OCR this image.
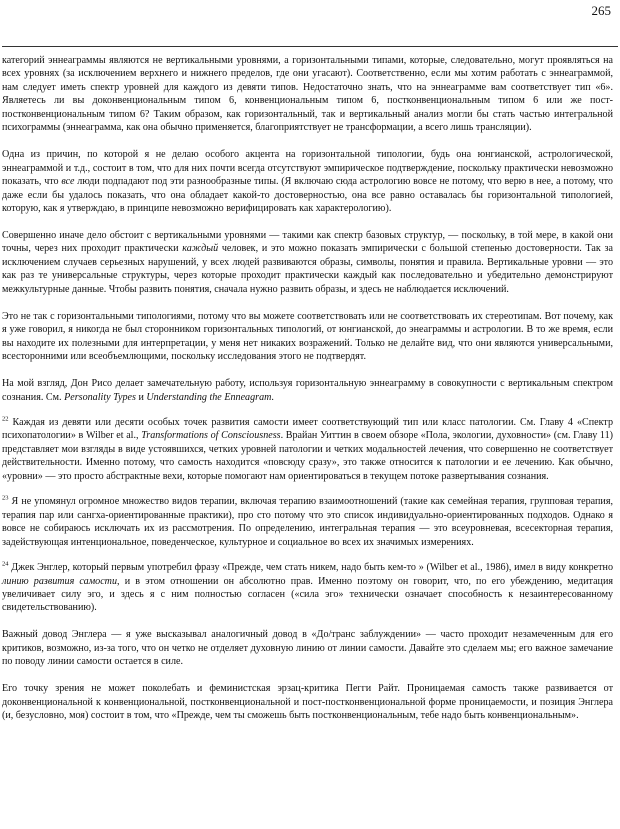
265

категорий эннеаграммы являются не вертикальными уровнями, а горизонтальными типами, которые, следовательно, могут проявляться на всех уровнях (за исключением верхнего и нижнего пределов, где они угасают). Соответственно, если мы хотим работать с эннеаграммой, нам следует иметь спектр уровней для каждого из девяти типов. Недостаточно знать, что на эннеаграмме вам соответствует тип «6». Являетесь ли вы доконвенциональным типом 6, конвенциональным типом 6, постконвенциональным типом 6 или же пост-постконвенциональным типом 6? Таким образом, как горизонтальный, так и вертикальный анализ могли бы стать частью интегральной психограммы (эннеаграмма, как она обычно применяется, благоприятствует не трансформации, а всего лишь трансляции).

Одна из причин, по которой я не делаю особого акцента на горизонтальной типологии, будь она юнгианской, астрологической, эннеаграммой и т.д., состоит в том, что для них почти всегда отсутствуют эмпирическое подтверждение, поскольку практически невозможно показать, что все люди подпадают под эти разнообразные типы. (Я включаю сюда астрологию вовсе не потому, что верю в нее, а потому, что даже если бы удалось показать, что она обладает какой-то достоверностью, она все равно оставалась бы горизонтальной типологией, которую, как я утверждаю, в принципе невозможно верифицировать как характерологию).

Совершенно иначе дело обстоит с вертикальными уровнями — такими как спектр базовых структур, — поскольку, в той мере, в какой они точны, через них проходит практически каждый человек, и это можно показать эмпирически с большой степенью достоверности. Так за исключением случаев серьезных нарушений, у всех людей развиваются образы, символы, понятия и правила. Вертикальные уровни — это как раз те универсальные структуры, через которые проходит практически каждый как последовательно и убедительно демонстрируют межкультурные данные. Чтобы развить понятия, сначала нужно развить образы, и здесь не наблюдается исключений.

Это не так с горизонтальными типологиями, потому что вы можете соответствовать или не соответствовать их стереотипам. Вот почему, как я уже говорил, я никогда не был сторонником горизонтальных типологий, от юнгианской, до энеаграммы и астрологии. В то же время, если вы находите их полезными для интерпретации, у меня нет никаких возражений. Только не делайте вид, что они являются универсальными, всесторонними или всеобъемлющими, поскольку исследования этого не подтвердят.

На мой взгляд, Дон Рисо делает замечательную работу, используя горизонтальную эннеаграмму в совокупности с вертикальным спектром сознания. См. Personality Types и Understanding the Enneagram.

$^{22}$ Каждая из девяти или десяти особых точек развития самости имеет соответствующий тип или класс патологии. См. Главу 4 «Спектр психопатологии» в Wilber et al., Transformations of Consciousness. Врайан Уиттин в своем обзоре «Пола, экологии, духовности» (см. Главу 11) представляет мои взгляды в виде устоявшихся, четких уровней патологии и четких модальностей лечения, что совершенно не соответствует действительности. Именно потому, что самость находится «повсюду сразу», это также относится к патологии и ее лечению. Как обычно, «уровни» — это просто абстрактные вехи, которые помогают нам ориентироваться в текущем потоке развертывания сознания.

$^{23}$ Я не упомянул огромное множество видов терапии, включая терапию взаимоотношений (такие как семейная терапия, групповая терапия, терапия пар или сангха-ориентированные практики), про сто потому что это список индивидуально-ориентированных подходов. Однако я вовсе не собираюсь исключать их из рассмотрения. По определению, интегральная терапия — это всеуровневая, всесекторная терапия, задействующая интенциональное, поведенческое, культурное и социальное во всех их значимых измерениях.

$^{24}$ Джек Энглер, который первым употребил фразу «Прежде, чем стать никем, надо быть кем-то » (Wilber et al., 1986), имел в виду конкретно линию развития самости, и в этом отношении он абсолютно прав. Именно поэтому он говорит, что, по его убеждению, медитация увеличивает силу эго, и здесь я с ним полностью согласен («сила эго» технически означает способность к незаинтересованному свидетельствованию).

Важный довод Энглера — я уже высказывал аналогичный довод в «До/транс заблуждении» — часто проходит незамеченным для его критиков, возможно, из-за того, что он четко не отделяет духовную линию от линии самости. Давайте это сделаем мы; его важное замечание по поводу линии самости остается в силе.

Его точку зрения не может поколебать и феминистская эрзац-критика Пегги Райт. Проницаемая самость также развивается от доконвенциональной к конвенциональной, постконвенциональной и пост-постконвенциональной форме проницаемости, и позиция Энглера (и, безусловно, моя) состоит в том, что «Прежде, чем ты сможешь быть постконвенциональным, тебе надо быть конвенциональным».
